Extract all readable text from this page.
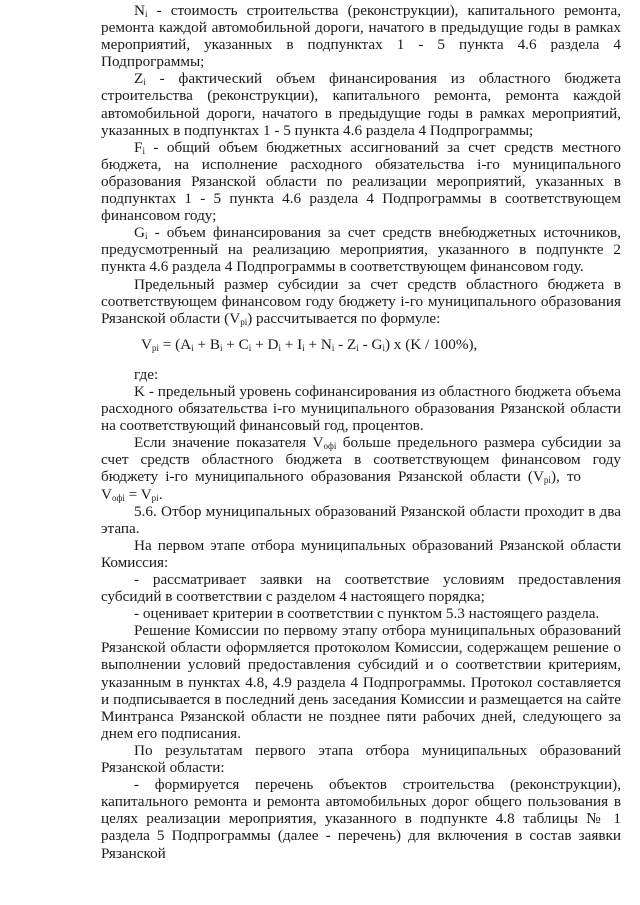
$N_i$ - стоимость строительства (реконструкции), капитального ремонта, ремонта каждой автомобильной дороги, начатого в предыдущие годы в рамках мероприятий, указанных в подпунктах 1 - 5 пункта 4.6 раздела 4 Подпрограммы;

$Z_i$ - фактический объем финансирования из областного бюджета строительства (реконструкции), капитального ремонта, ремонта каждой автомобильной дороги, начатого в предыдущие годы в рамках мероприятий, указанных в подпунктах 1 - 5 пункта 4.6 раздела 4 Подпрограммы;

$F_i$ - общий объем бюджетных ассигнований за счет средств местного бюджета, на исполнение расходного обязательства i-го муниципального образования Рязанской области по реализации мероприятий, указанных в подпунктах 1 - 5 пункта 4.6 раздела 4 Подпрограммы в соответствующем финансовом году;

$G_i$ - объем финансирования за счет средств внебюджетных источников, предусмотренный на реализацию мероприятия, указанного в подпункте 2 пункта 4.6 раздела 4 Подпрограммы в соответствующем финансовом году.

Предельный размер субсидии за счет средств областного бюджета в соответствующем финансовом году бюджету i-го муниципального образования Рязанской области $(V_{pi})$ рассчитывается по формуле:

$V_{pi} = (A_i + B_i + C_i + D_i + I_i + N_i - Z_i - G_i)$ x (K / 100%),

где:

K - предельный уровень софинансирования из областного бюджета объема расходного обязательства i-го муниципального образования Рязанской области на соответствующий финансовый год, процентов.

Если значение показателя $V_{офi}$ больше предельного размера субсидии за счет средств областного бюджета в соответствующем финансовом году бюджету i-го муниципального образования Рязанской области $(V_{pi})$, $тоV_{офi} = V_{pi}$.

5.6. Отбор муниципальных образований Рязанской области проходит в два этапа.

На первом этапе отбора муниципальных образований Рязанской области Комиссия:

- рассматривает заявки на соответствие условиям предоставления субсидий в соответствии с разделом 4 настоящего порядка;

- оценивает критерии в соответствии с пунктом 5.3 настоящего раздела.

Решение Комиссии по первому этапу отбора муниципальных образований Рязанской области оформляется протоколом Комиссии, содержащем решение о выполнении условий предоставления субсидий и о соответствии критериям, указанным в пунктах 4.8, 4.9 раздела 4 Подпрограммы. Протокол составляется и подписывается в последний день заседания Комиссии и размещается на сайте Минтранса Рязанской области не позднее пяти рабочих дней, следующего за днем его подписания.

По результатам первого этапа отбора муниципальных образований Рязанской области:

- формируется перечень объектов строительства (реконструкции), капитального ремонта и ремонта автомобильных дорог общего пользования в целях реализации мероприятия, указанного в подпункте 4.8 таблицы № 1 раздела 5 Подпрограммы (далее - перечень) для включения в состав заявки Рязанской
